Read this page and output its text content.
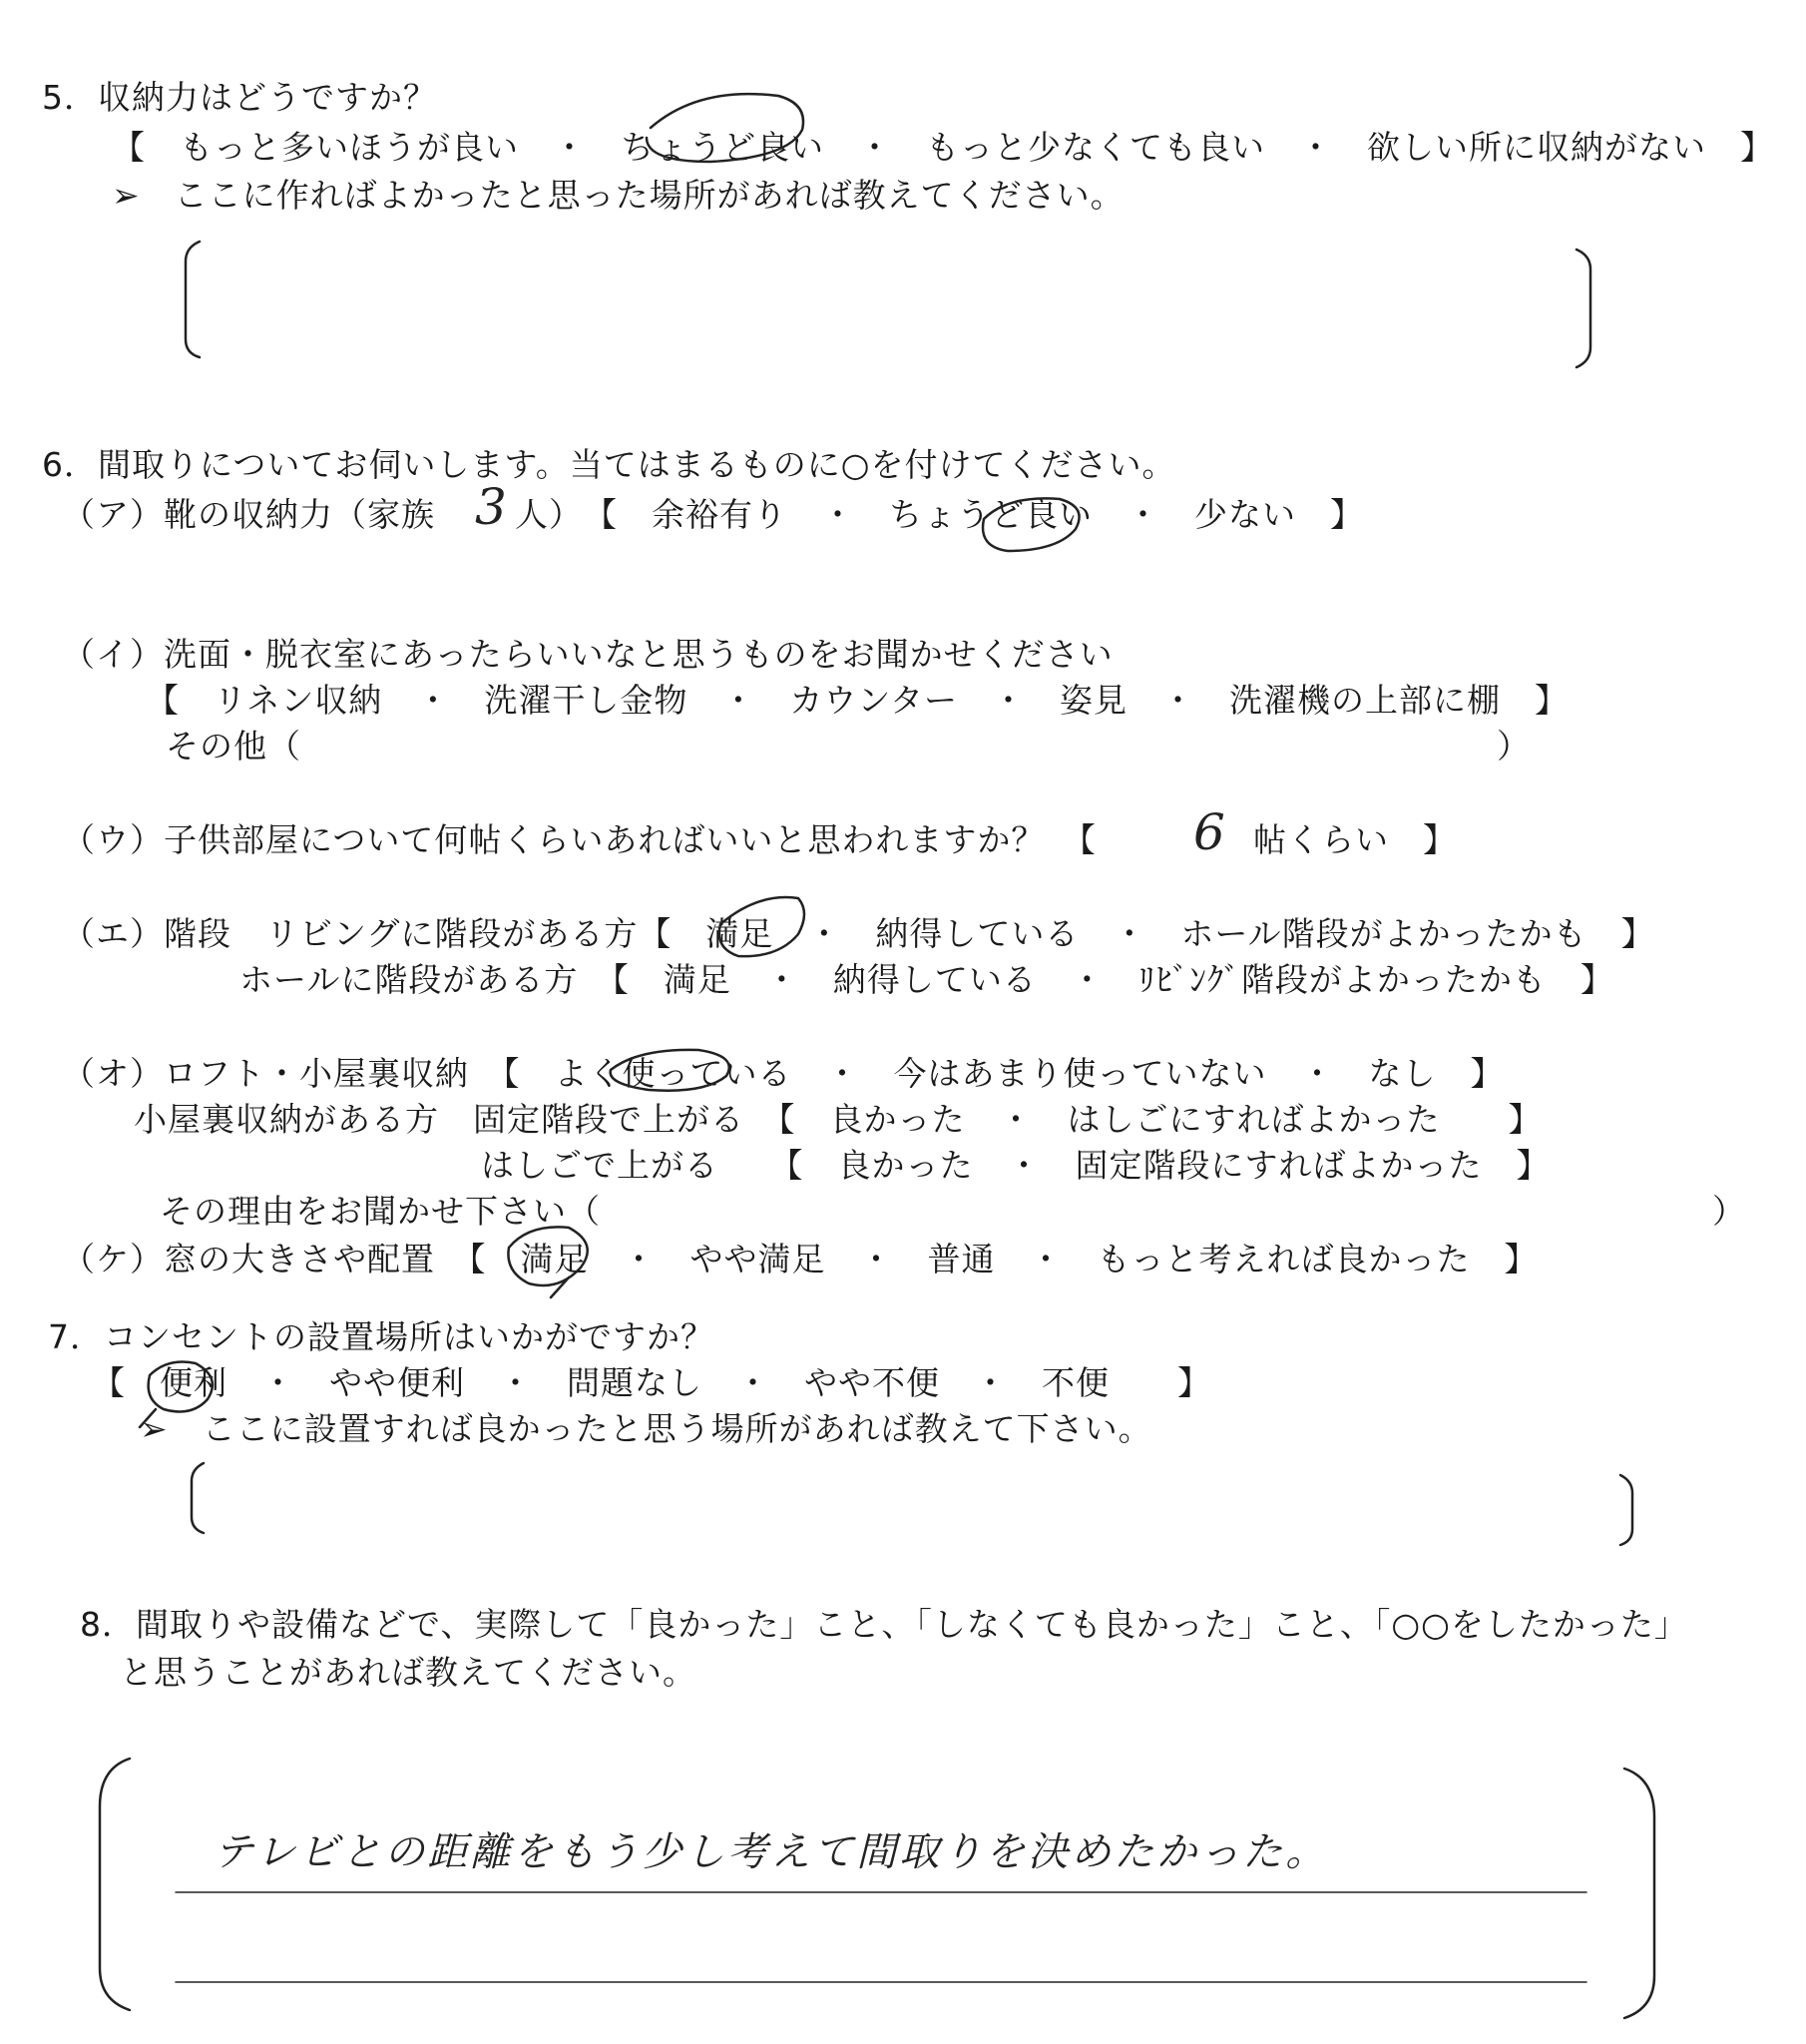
5．収納力はどうですか？
【　もっと多いほうが良い　・　ちょうど良い　・　もっと少なくても良い　・　欲しい所に収納がない　】
➢　ここに作ればよかったと思った場所があれば教えてください。
6．間取りについてお伺いします。当てはまるものに○を付けてください。
（ア）靴の収納力（家族 3 人）　【　余裕有り　・　ちょうど良い　・　少ない　】
（イ）洗面・脱衣室にあったらいいなと思うものをお聞かせください
【　リネン収納　・　洗濯干し金物　・　カウンター　・　姿見　・　洗濯機の上部に棚　】
その他（	）
（ウ）子供部屋について何帖くらいあればいいと思われますか？　【 6 帖くらい　】
（エ）階段　リビングに階段がある方【　満足　・　納得している　・　ホール階段がよかったかも　】
ホールに階段がある方　【　満足　・　納得している　・　ﾘﾋﾞﾝｸﾞ階段がよかったかも　】
（オ）ロフト・小屋裏収納　【　よく使っている　・　今はあまり使っていない　・　なし　】
小屋裏収納がある方　固定階段で上がる　【　良かった　・　はしごにすればよかった　　】
はしごで上がる　　【　良かった　・　固定階段にすればよかった　】
その理由をお聞かせ下さい（	）
（ケ）窓の大きさや配置　【　満足　・　やや満足　・　普通　・　もっと考えれば良かった　】
7．コンセントの設置場所はいかがですか？
【　便利　・　やや便利　・　問題なし　・　やや不便　・　不便　　】
➢　ここに設置すれば良かったと思う場所があれば教えて下さい。
8．間取りや設備などで、実際して「良かった」こと、「しなくても良かった」こと、「○○をしたかった」
と思うことがあれば教えてください。
テレビとの距離をもう少し考えて間取りを決めたかった。
